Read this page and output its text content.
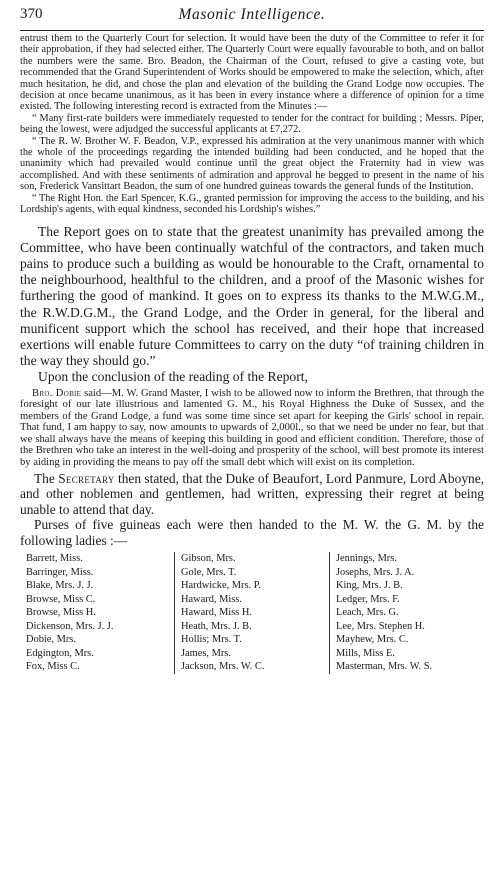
370	Masonic Intelligence.

entrust them to the Quarterly Court for selection. It would have been the duty of the Committee to refer it for their approbation, if they had selected either. The Quarterly Court were equally favourable to both, and on ballot the numbers were the same. Bro. Beadon, the Chairman of the Court, refused to give a casting vote, but recommended that the Grand Superintendent of Works should be empowered to make the selection, which, after much hesitation, he did, and chose the plan and elevation of the building the Grand Lodge now occupies. The decision at once became unanimous, as it has been in every instance where a difference of opinion for a time existed. The following interesting record is extracted from the Minutes :—

“ Many first-rate builders were immediately requested to tender for the contract for building ; Messrs. Piper, being the lowest, were adjudged the successful applicants at £7,272.

“ The R. W. Brother W. F. Beadon, V.P., expressed his admiration at the very unanimous manner with which the whole of the proceedings regarding the intended building had been conducted, and he hoped that the unanimity which had prevailed would continue until the great object the Fraternity had in view was accomplished. And with these sentiments of admiration and approval he begged to present in the name of his son, Frederick Vansittart Beadon, the sum of one hundred guineas towards the general funds of the Institution.

“ The Right Hon. the Earl Spencer, K.G., granted permission for improving the access to the building, and his Lordship's agents, with equal kindness, seconded his Lordship's wishes.”

The Report goes on to state that the greatest unanimity has prevailed among the Committee, who have been continually watchful of the contractors, and taken much pains to produce such a building as would be honourable to the Craft, ornamental to the neighbourhood, healthful to the children, and a proof of the Masonic wishes for furthering the good of mankind. It goes on to express its thanks to the M.W.G.M., the R.W.D.G.M., the Grand Lodge, and the Order in general, for the liberal and munificent support which the school has received, and their hope that increased exertions will enable future Committees to carry on the duty “of training children in the way they should go.”

Upon the conclusion of the reading of the Report,

Bro. Dobie said—M. W. Grand Master, I wish to be allowed now to inform the Brethren, that through the foresight of our late illustrious and lamented G. M., his Royal Highness the Duke of Sussex, and the members of the Grand Lodge, a fund was some time since set apart for keeping the Girls' school in repair. That fund, I am happy to say, now amounts to upwards of 2,000l., so that we need be under no fear, but that we shall always have the means of keeping this building in good and efficient condition. Therefore, those of the Brethren who take an interest in the well-doing and prosperity of the school, will best promote its interest by aiding in providing the means to pay off the small debt which will exist on its completion.

The Secretary then stated, that the Duke of Beaufort, Lord Panmure, Lord Aboyne, and other noblemen and gentlemen, had written, expressing their regret at being unable to attend that day.

Purses of five guineas each were then handed to the M. W. the G. M. by the following ladies :—

Barrett, Miss.
Barringer, Miss.
Blake, Mrs. J. J.
Browse, Miss C.
Browse, Miss H.
Dickenson, Mrs. J. J.
Dobie, Mrs.
Edgington, Mrs.
Fox, Miss C.
Gibson, Mrs.
Gole, Mrs. T.
Hardwicke, Mrs. P.
Haward, Miss.
Haward, Miss H.
Heath, Mrs. J. B.
Hollis; Mrs. T.
James, Mrs.
Jackson, Mrs. W. C.
Jennings, Mrs.
Josephs, Mrs. J. A.
King, Mrs. J. B.
Ledger, Mrs. F.
Leach, Mrs. G.
Lee, Mrs. Stephen H.
Mayhew, Mrs. C.
Mills, Miss E.
Masterman, Mrs. W. S.
